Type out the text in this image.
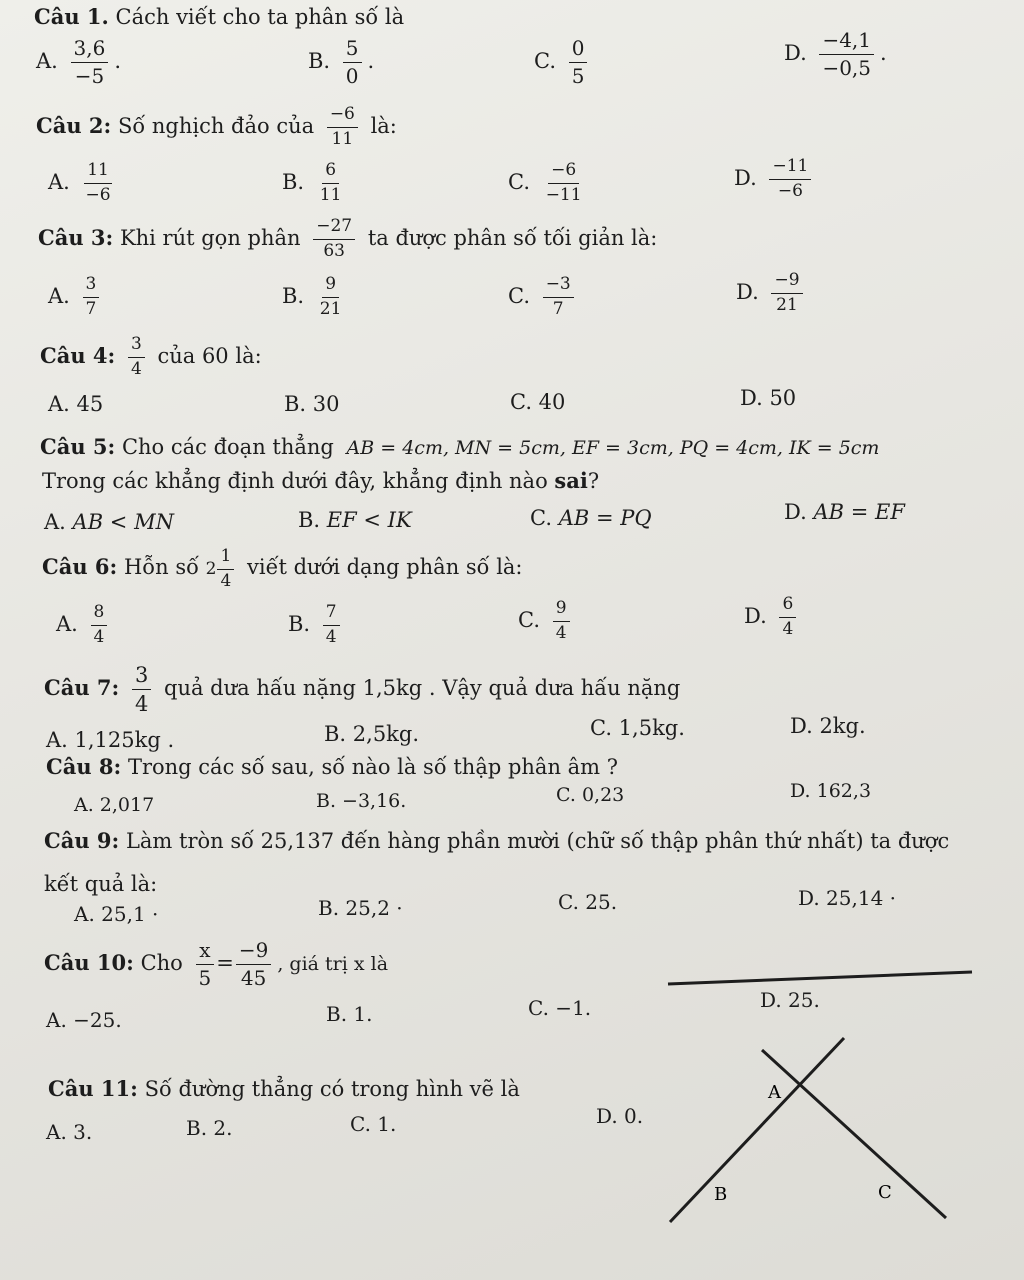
Câu 1. Cách viết cho ta phân số là
A. $\frac{3,6}{-5}$ .	B. $\frac{5}{0}$ .	C. $\frac{0}{5}$	D. $\frac{-4,1}{-0,5}$ .
Câu 2: Số nghịch đảo của $\frac{-6}{11}$ là:
A. $\frac{11}{-6}$	B. $\frac{6}{11}$	C. $\frac{-6}{-11}$	D. $\frac{-11}{-6}$
Câu 3: Khi rút gọn phân $\frac{-27}{63}$ ta được phân số tối giản là:
A. $\frac{3}{7}$	B. $\frac{9}{21}$	C. $\frac{-3}{7}$	D. $\frac{-9}{21}$
Câu 4: $\frac{3}{4}$ của 60 là:
A. 45	B. 30	C. 40	D. 50
Câu 5: Cho các đoạn thẳng AB = 4cm, MN = 5cm, EF = 3cm, PQ = 4cm, IK = 5cm
Trong các khẳng định dưới đây, khẳng định nào sai?
A. AB < MN	B. EF < IK	C. AB = PQ	D. AB = EF
Câu 6: Hỗn số $2 \frac{1}{4}$ viết dưới dạng phân số là:
A. $\frac{8}{4}$	B. $\frac{7}{4}$	C. $\frac{9}{4}$	D. $\frac{6}{4}$
Câu 7: $\frac{3}{4}$ quả dưa hấu nặng 1,5kg . Vậy quả dưa hấu nặng
A. 1,125kg .	B. 2,5kg.	C. 1,5kg.	D. 2kg.
Câu 8: Trong các số sau, số nào là số thập phân âm ?
A. 2,017	B. −3,16.	C. 0,23	D. 162,3
Câu 9: Làm tròn số 25,137 đến hàng phần mười (chữ số thập phân thứ nhất) ta được
kết quả là:
A. 25,1 ·	B. 25,2 ·	C. 25.	D. 25,14 ·
Câu 10: Cho $\frac{x}{5} = \frac{-9}{45}$ , giá trị x là
A. −25.	B. 1.	C. −1.	D. 25.
Câu 11: Số đường thẳng có trong hình vẽ là
A. 3.	B. 2.	C. 1.	D. 0.
A
B	C
